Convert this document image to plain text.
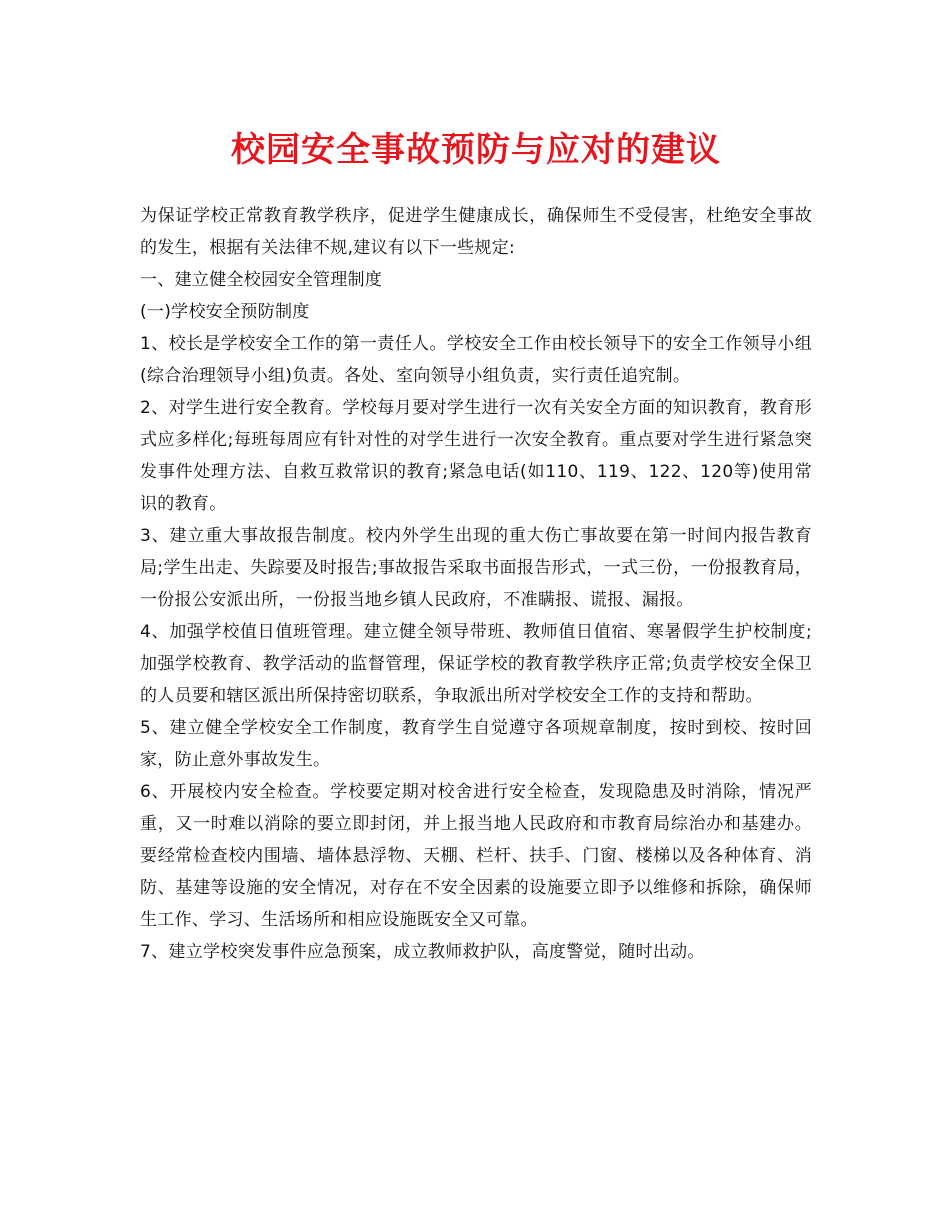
校园安全事故预防与应对的建议

为保证学校正常教育教学秩序，促进学生健康成长，确保师生不受侵害，杜绝安全事故的发生，根据有关法律不规,建议有以下一些规定:

一、建立健全校园安全管理制度

(一)学校安全预防制度

1、校长是学校安全工作的第一责任人。学校安全工作由校长领导下的安全工作领导小组(综合治理领导小组)负责。各处、室向领导小组负责，实行责任追究制。

2、对学生进行安全教育。学校每月要对学生进行一次有关安全方面的知识教育，教育形式应多样化;每班每周应有针对性的对学生进行一次安全教育。重点要对学生进行紧急突发事件处理方法、自救互救常识的教育;紧急电话(如110、119、122、120等)使用常识的教育。

3、建立重大事故报告制度。校内外学生出现的重大伤亡事故要在第一时间内报告教育局;学生出走、失踪要及时报告;事故报告采取书面报告形式，一式三份，一份报教育局，一份报公安派出所，一份报当地乡镇人民政府，不准瞒报、谎报、漏报。

4、加强学校值日值班管理。建立健全领导带班、教师值日值宿、寒暑假学生护校制度;加强学校教育、教学活动的监督管理，保证学校的教育教学秩序正常;负责学校安全保卫的人员要和辖区派出所保持密切联系，争取派出所对学校安全工作的支持和帮助。

5、建立健全学校安全工作制度，教育学生自觉遵守各项规章制度，按时到校、按时回家，防止意外事故发生。

6、开展校内安全检查。学校要定期对校舍进行安全检查，发现隐患及时消除，情况严重，又一时难以消除的要立即封闭，并上报当地人民政府和市教育局综治办和基建办。要经常检查校内围墙、墙体悬浮物、天棚、栏杆、扶手、门窗、楼梯以及各种体育、消防、基建等设施的安全情况，对存在不安全因素的设施要立即予以维修和拆除，确保师生工作、学习、生活场所和相应设施既安全又可靠。

7、建立学校突发事件应急预案，成立教师救护队，高度警觉，随时出动。
